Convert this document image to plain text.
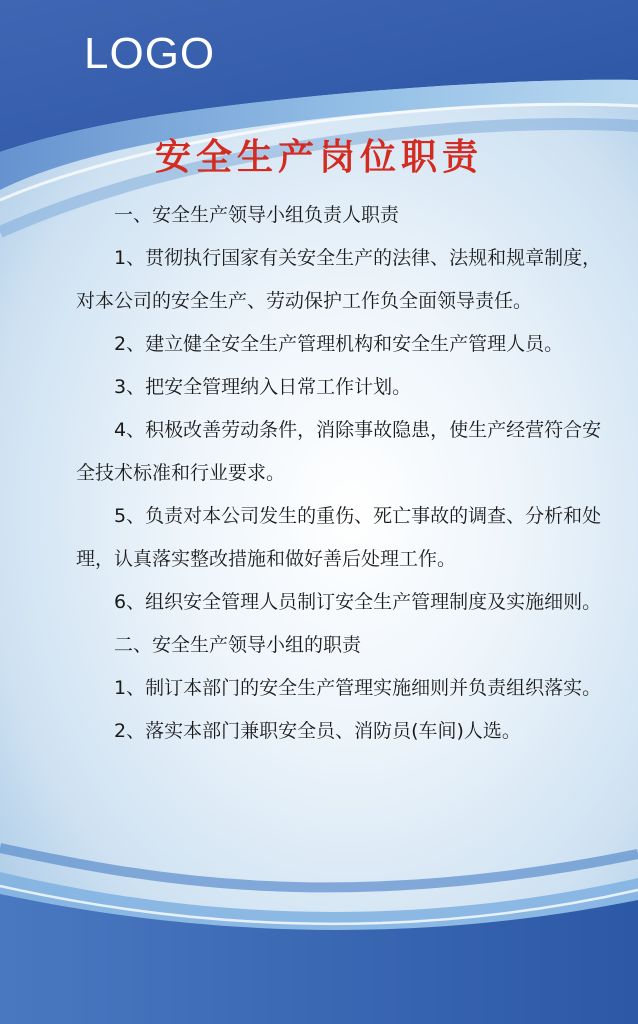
LOGO
安全生产岗位职责

一、安全生产领导小组负责人职责

1、贯彻执行国家有关安全生产的法律、法规和规章制度，对本公司的安全生产、劳动保护工作负全面领导责任。

2、建立健全安全生产管理机构和安全生产管理人员。

3、把安全管理纳入日常工作计划。

4、积极改善劳动条件，消除事故隐患，使生产经营符合安全技术标准和行业要求。

5、负责对本公司发生的重伤、死亡事故的调查、分析和处理，认真落实整改措施和做好善后处理工作。

6、组织安全管理人员制订安全生产管理制度及实施细则。

二、安全生产领导小组的职责

1、制订本部门的安全生产管理实施细则并负责组织落实。

2、落实本部门兼职安全员、消防员(车间)人选。
